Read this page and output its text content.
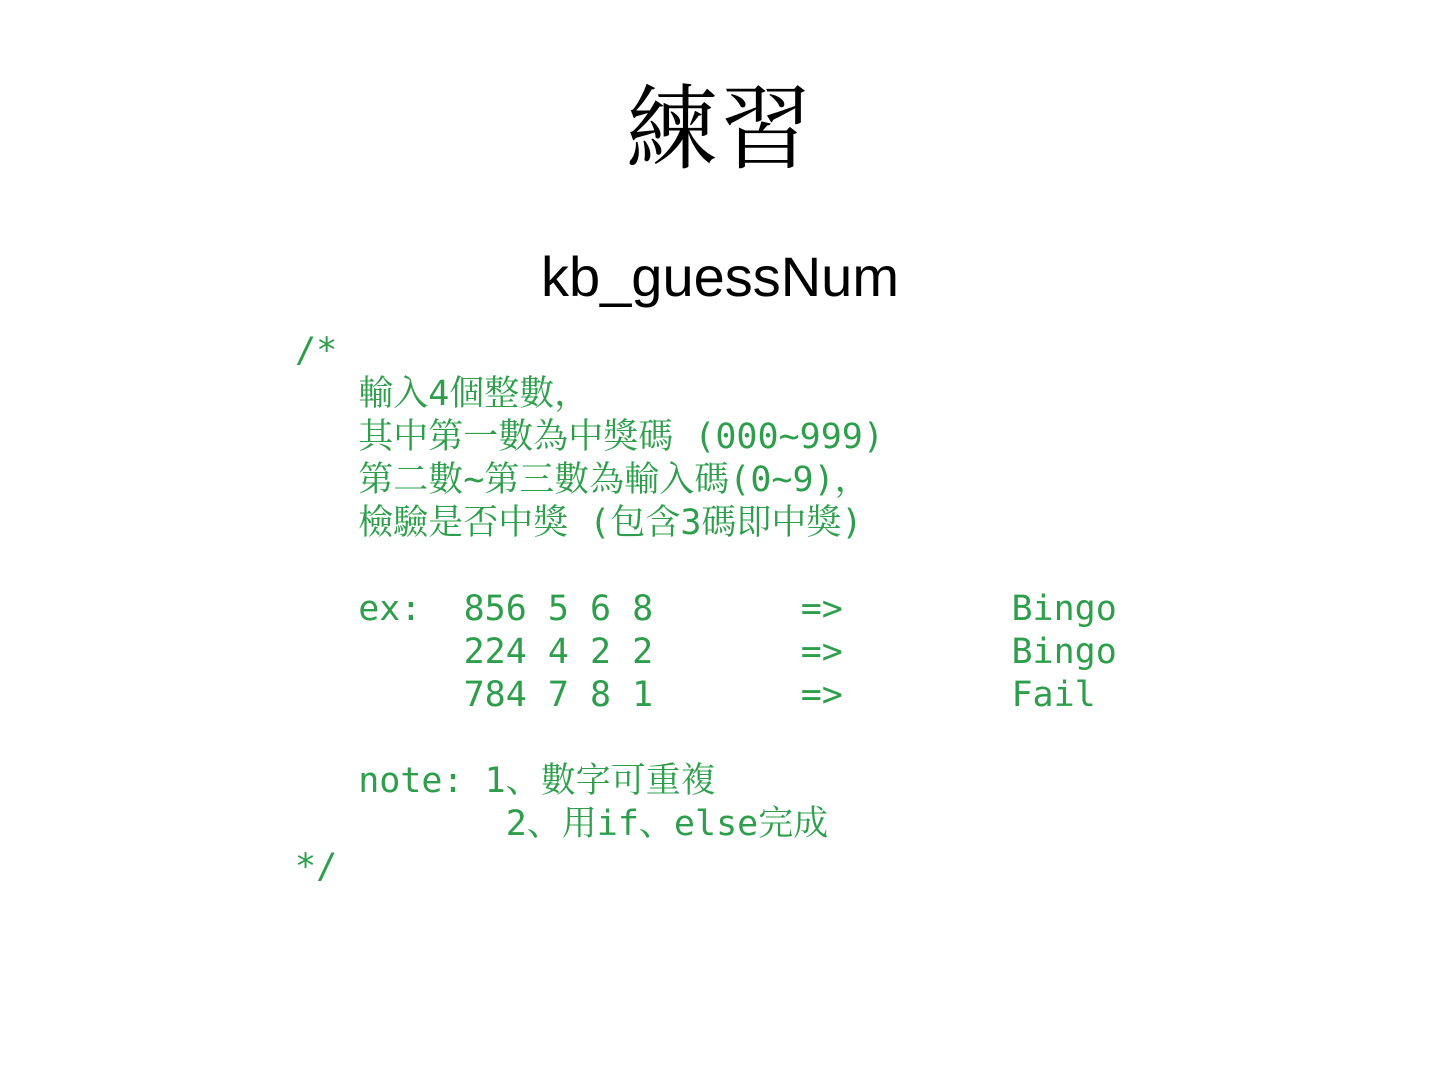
練習
kb_guessNum
/*
輸入4個整數，
其中第一數為中獎碼 (000~999)
第二數~第三數為輸入碼(0~9)，
檢驗是否中獎 (包含3碼即中獎)
ex:  856 5 6 8       =>        Bingo
224 4 2 2       =>        Bingo
784 7 8 1       =>        Fail
note: 1、數字可重複
2、用if、else完成
*/
